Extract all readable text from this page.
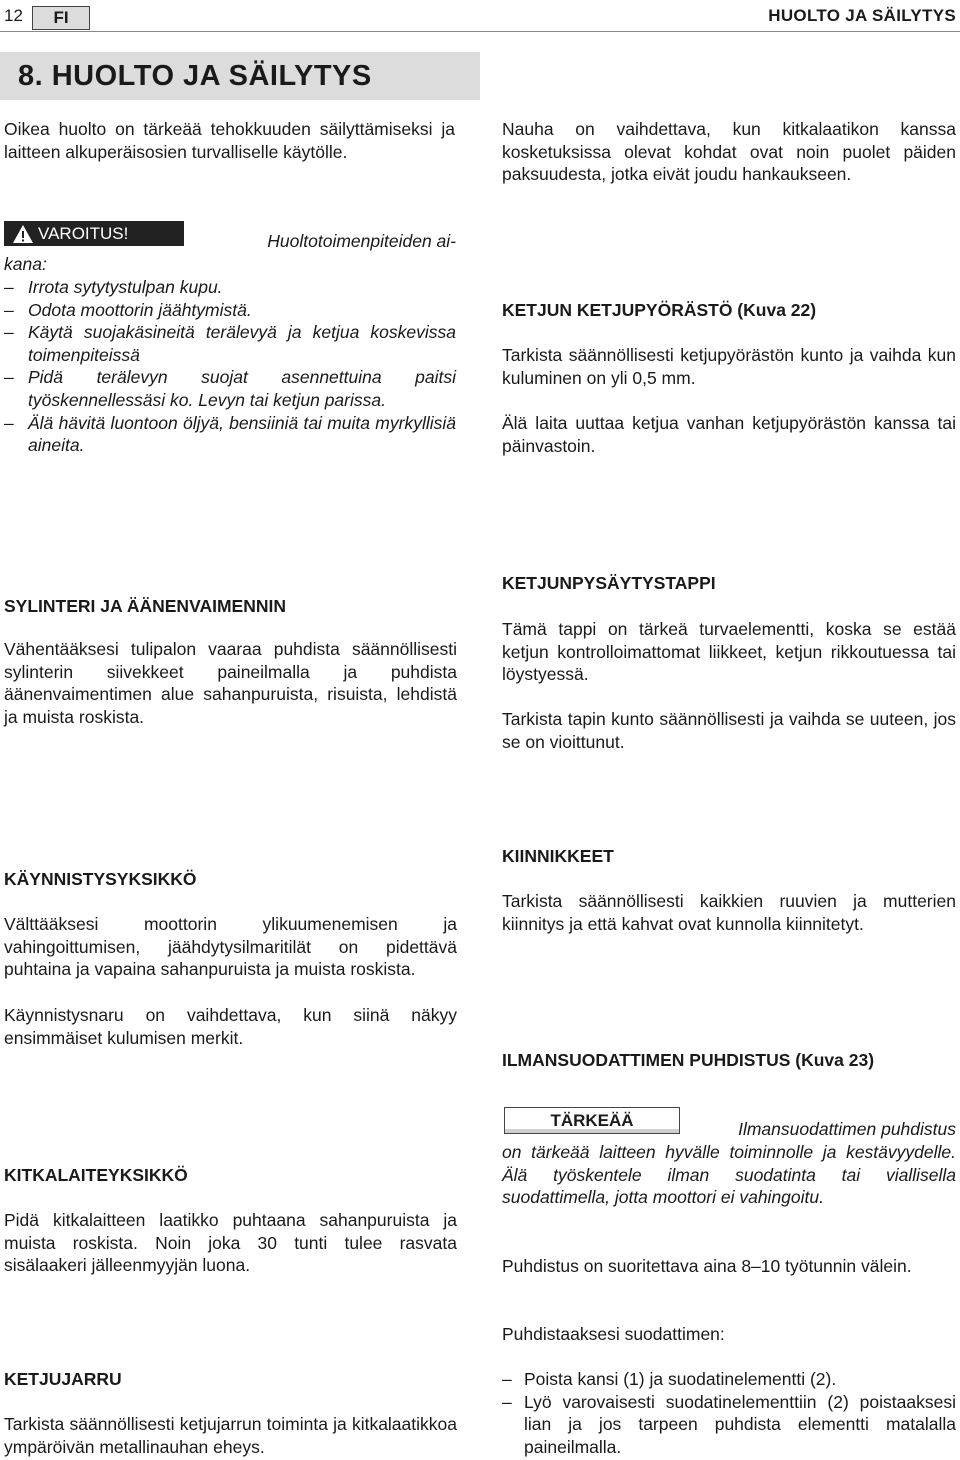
12	FI	HUOLTO JA SÄILYTYS
8. HUOLTO JA SÄILYTYS

Oikea huolto on tärkeää tehokkuuden säilyttämiseksi ja laitteen alkuperäisosien turvalliselle käytölle.

VAROITUS!	Huoltotoimenpiteiden ai-
kana:
– Irrota sytytystulpan kupu.
– Odota moottorin jäähtymistä.
– Käytä suojakäsineitä terälevyä ja ketjua koskevissa toimenpiteissä
– Pidä terälevyn suojat asennettuina paitsi työskennellessäsi ko. Levyn tai ketjun parissa.
– Älä hävitä luontoon öljyä, bensiiniä tai muita myrkyllisiä aineita.
SYLINTERI JA ÄÄNENVAIMENNIN

Vähentääksesi tulipalon vaaraa puhdista säännöllisesti sylinterin siivekkeet paineilmalla ja puhdista äänenvaimentimen alue sahanpuruista, risuista, lehdistä ja muista roskista.

KÄYNNISTYSYKSIKKÖ

Välttääksesi moottorin ylikuumenemisen ja vahingoittumisen, jäähdytysilmaritilät on pidettävä puhtaina ja vapaina sahanpuruista ja muista roskista.

Käynnistysnaru on vaihdettava, kun siinä näkyy ensimmäiset kulumisen merkit.

KITKALAITEYKSIKKÖ

Pidä kitkalaitteen laatikko puhtaana sahanpuruista ja muista roskista. Noin joka 30 tunti tulee rasvata sisälaakeri jälleenmyyjän luona.

KETJUJARRU

Tarkista säännöllisesti ketjujarrun toiminta ja kitkalaatikkoa ympäröivän metallinauhan eheys.

Nauha on vaihdettava, kun kitkalaatikon kanssa kosketuksissa olevat kohdat ovat noin puolet päiden paksuudesta, jotka eivät joudu hankaukseen.

KETJUN KETJUPYÖRÄSTÖ (Kuva 22)

Tarkista säännöllisesti ketjupyörästön kunto ja vaihda kun kuluminen on yli 0,5 mm.

Älä laita uuttaa ketjua vanhan ketjupyörästön kanssa tai päinvastoin.

KETJUNPYSÄYTYSTAPPI

Tämä tappi on tärkeä turvaelementti, koska se estää ketjun kontrolloimattomat liikkeet, ketjun rikkoutuessa tai löystyessä.

Tarkista tapin kunto säännöllisesti ja vaihda se uuteen, jos se on vioittunut.

KIINNIKKEET

Tarkista säännöllisesti kaikkien ruuvien ja mutterien kiinnitys ja että kahvat ovat kunnolla kiinnitetyt.

ILMANSUODATTIMEN PUHDISTUS (Kuva 23)
TÄRKEÄÄ	Ilmansuodattimen puhdistus

on tärkeää laitteen hyvälle toiminnolle ja kestävyydelle. Älä työskentele ilman suodatinta tai viallisella suodattimella, jotta moottori ei vahingoitu.

Puhdistus on suoritettava aina 8–10 työtunnin välein.

Puhdistaaksesi suodattimen:

– Poista kansi (1) ja suodatinelementti (2).
– Lyö varovaisesti suodatinelementtiin (2) poistaaksesi lian ja jos tarpeen puhdista elementti matalalla paineilmalla.
